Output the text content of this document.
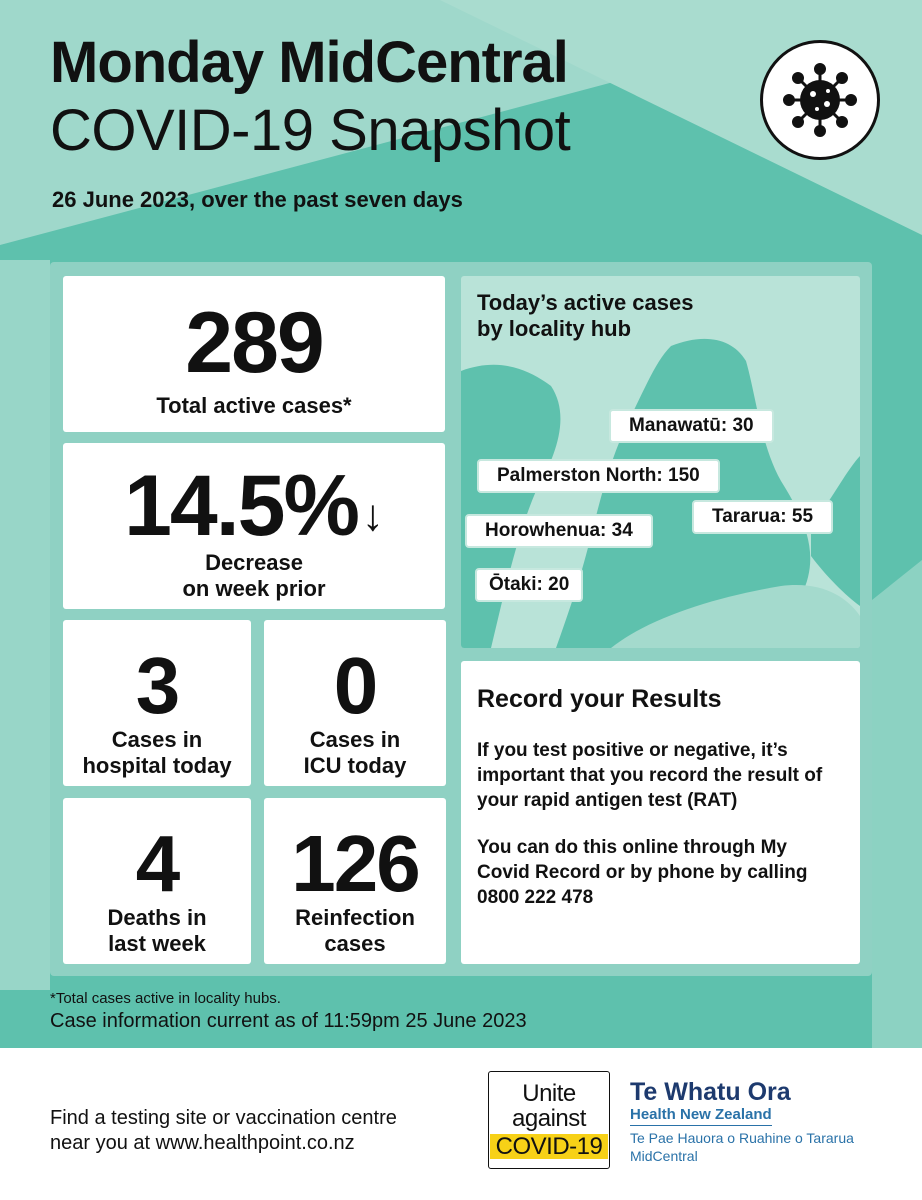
Monday MidCentral
COVID-19 Snapshot
26 June 2023, over the past seven days
289
Total active cases*
14.5% ↓
Decrease
on week prior
3
Cases in
hospital today
0
Cases in
ICU today
4
Deaths in
last week
126
Reinfection
cases
Today’s active cases
by locality hub
Manawatū: 30
Palmerston North: 150
Tararua: 55
Horowhenua: 34
Ōtaki: 20
Record your Results

If you test positive or negative, it’s important that you record the result of your rapid antigen test (RAT)

You can do this online through My Covid Record or by phone by calling 0800 222 478

*Total cases active in locality hubs.
Case information current as of 11:59pm 25 June 2023
Find a testing site or vaccination centre
near you at www.healthpoint.co.nz
Unite
against
COVID-19
Te Whatu Ora
Health New Zealand
Te Pae Hauora o Ruahine o Tararua
MidCentral
